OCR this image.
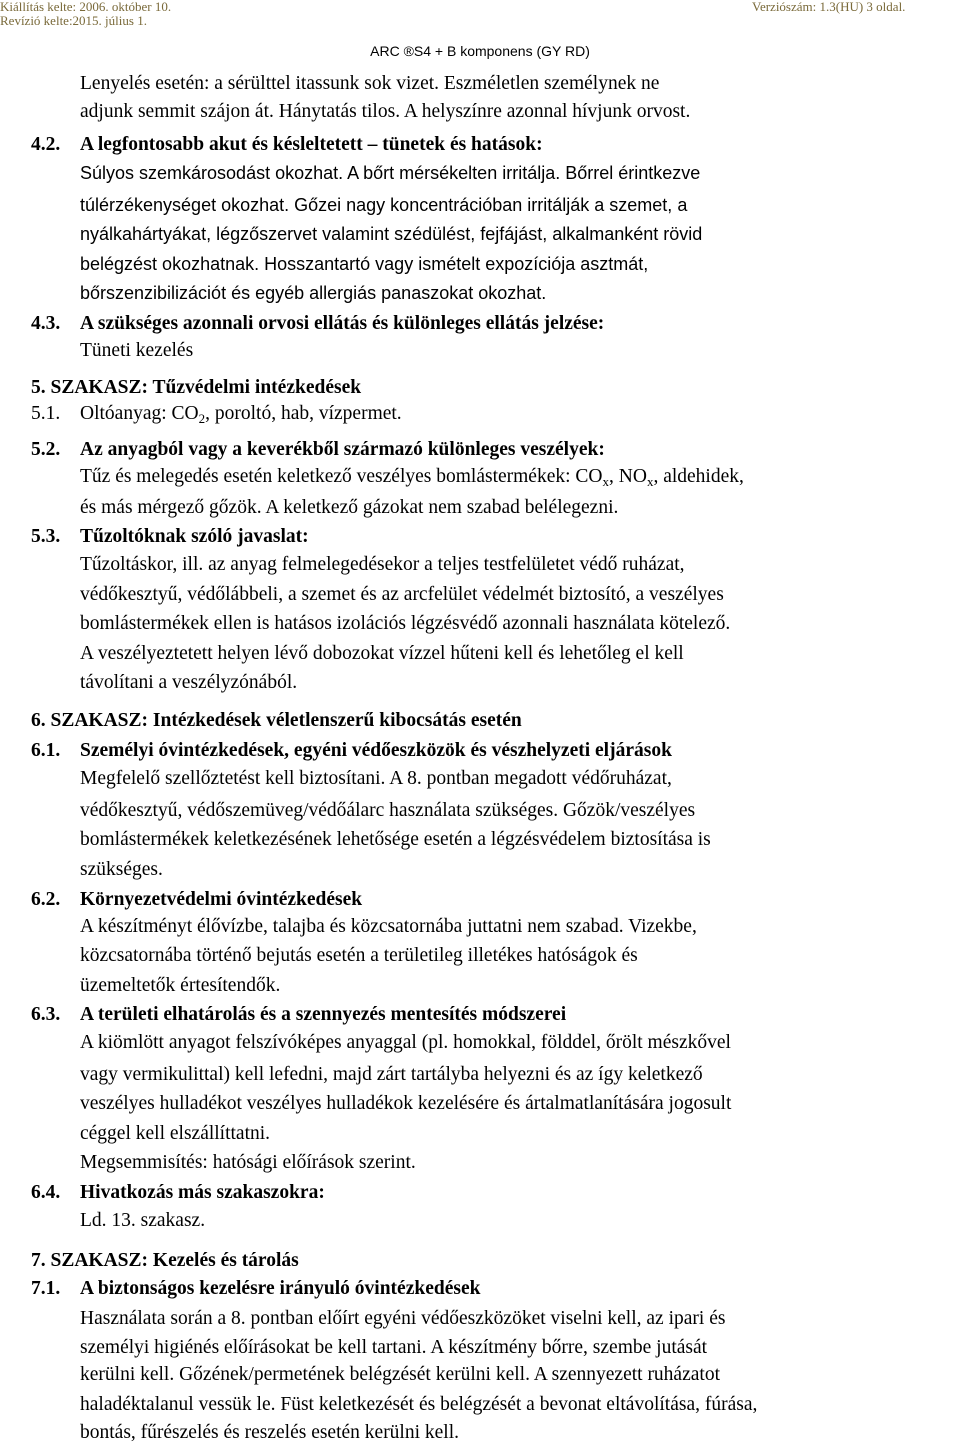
Kiállítás kelte: 2006. október 10.
Revízió kelte:2015. július 1.
Verziószám: 1.3(HU) 3 oldal.
ARC ®S4 + B komponens (GY RD)
Lenyelés esetén: a sérülttel itassunk sok vizet. Eszméletlen személynek ne
adjunk semmit szájon át. Hánytatás tilos. A helyszínre azonnal hívjunk orvost.
4.2. A legfontosabb akut és késleltetett – tünetek és hatások:
Súlyos szemkárosodást okozhat. A bőrt mérsékelten irritálja. Bőrrel érintkezve
túlérzékenységet okozhat. Gőzei nagy koncentrációban irritálják a szemet, a
nyálkahártyákat, légzőszervet valamint szédülést, fejfájást, alkalmanként rövid
belégzést okozhatnak. Hosszantartó vagy ismételt expozíciója asztmát,
bőrszenzibilizációt és egyéb allergiás panaszokat okozhat.
4.3. A szükséges azonnali orvosi ellátás és különleges ellátás jelzése:
Tüneti kezelés
5. SZAKASZ: Tűzvédelmi intézkedések
5.1. Oltóanyag: $CO_2$, poroltó, hab, vízpermet.
5.2. Az anyagból vagy a keverékből származó különleges veszélyek:
Tűz és melegedés esetén keletkező veszélyes bomlástermékek: $CO_x$, $NO_x$, aldehidek,
és más mérgező gőzök. A keletkező gázokat nem szabad belélegezni.
5.3. Tűzoltóknak szóló javaslat:
Tűzoltáskor, ill. az anyag felmelegedésekor a teljes testfelületet védő ruházat,
védőkesztyű, védőlábbeli, a szemet és az arcfelület védelmét biztosító, a veszélyes
bomlástermékek ellen is hatásos izolációs légzésvédő azonnali használata kötelező.
A veszélyeztetett helyen lévő dobozokat vízzel hűteni kell és lehetőleg el kell
távolítani a veszélyzónából.
6. SZAKASZ: Intézkedések véletlenszerű kibocsátás esetén
6.1. Személyi óvintézkedések, egyéni védőeszközök és vészhelyzeti eljárások
Megfelelő szellőztetést kell biztosítani. A 8. pontban megadott védőruházat,
védőkesztyű, védőszemüveg/védőálarc használata szükséges. Gőzök/veszélyes
bomlástermékek keletkezésének lehetősége esetén a légzésvédelem biztosítása is
szükséges.
6.2. Környezetvédelmi óvintézkedések
A készítményt élővízbe, talajba és közcsatornába juttatni nem szabad. Vizekbe,
közcsatornába történő bejutás esetén a területileg illetékes hatóságok és
üzemeltetők értesítendők.
6.3. A területi elhatárolás és a szennyezés mentesítés módszerei
A kiömlött anyagot felszívóképes anyaggal (pl. homokkal, földdel, őrölt mészkővel
vagy vermikulittal) kell lefedni, majd zárt tartályba helyezni és az így keletkező
veszélyes hulladékot veszélyes hulladékok kezelésére és ártalmatlanítására jogosult
céggel kell elszállíttatni.
Megsemmisítés: hatósági előírások szerint.
6.4. Hivatkozás más szakaszokra:
Ld. 13. szakasz.
7. SZAKASZ: Kezelés és tárolás
7.1. A biztonságos kezelésre irányuló óvintézkedések
Használata során a 8. pontban előírt egyéni védőeszközöket viselni kell, az ipari és
személyi higiénés előírásokat be kell tartani. A készítmény bőrre, szembe jutását
kerülni kell. Gőzének/permetének belégzését kerülni kell. A szennyezett ruházatot
haladéktalanul vessük le. Füst keletkezését és belégzését a bevonat eltávolítása, fúrása,
bontás, fűrészelés és reszelés esetén kerülni kell.
